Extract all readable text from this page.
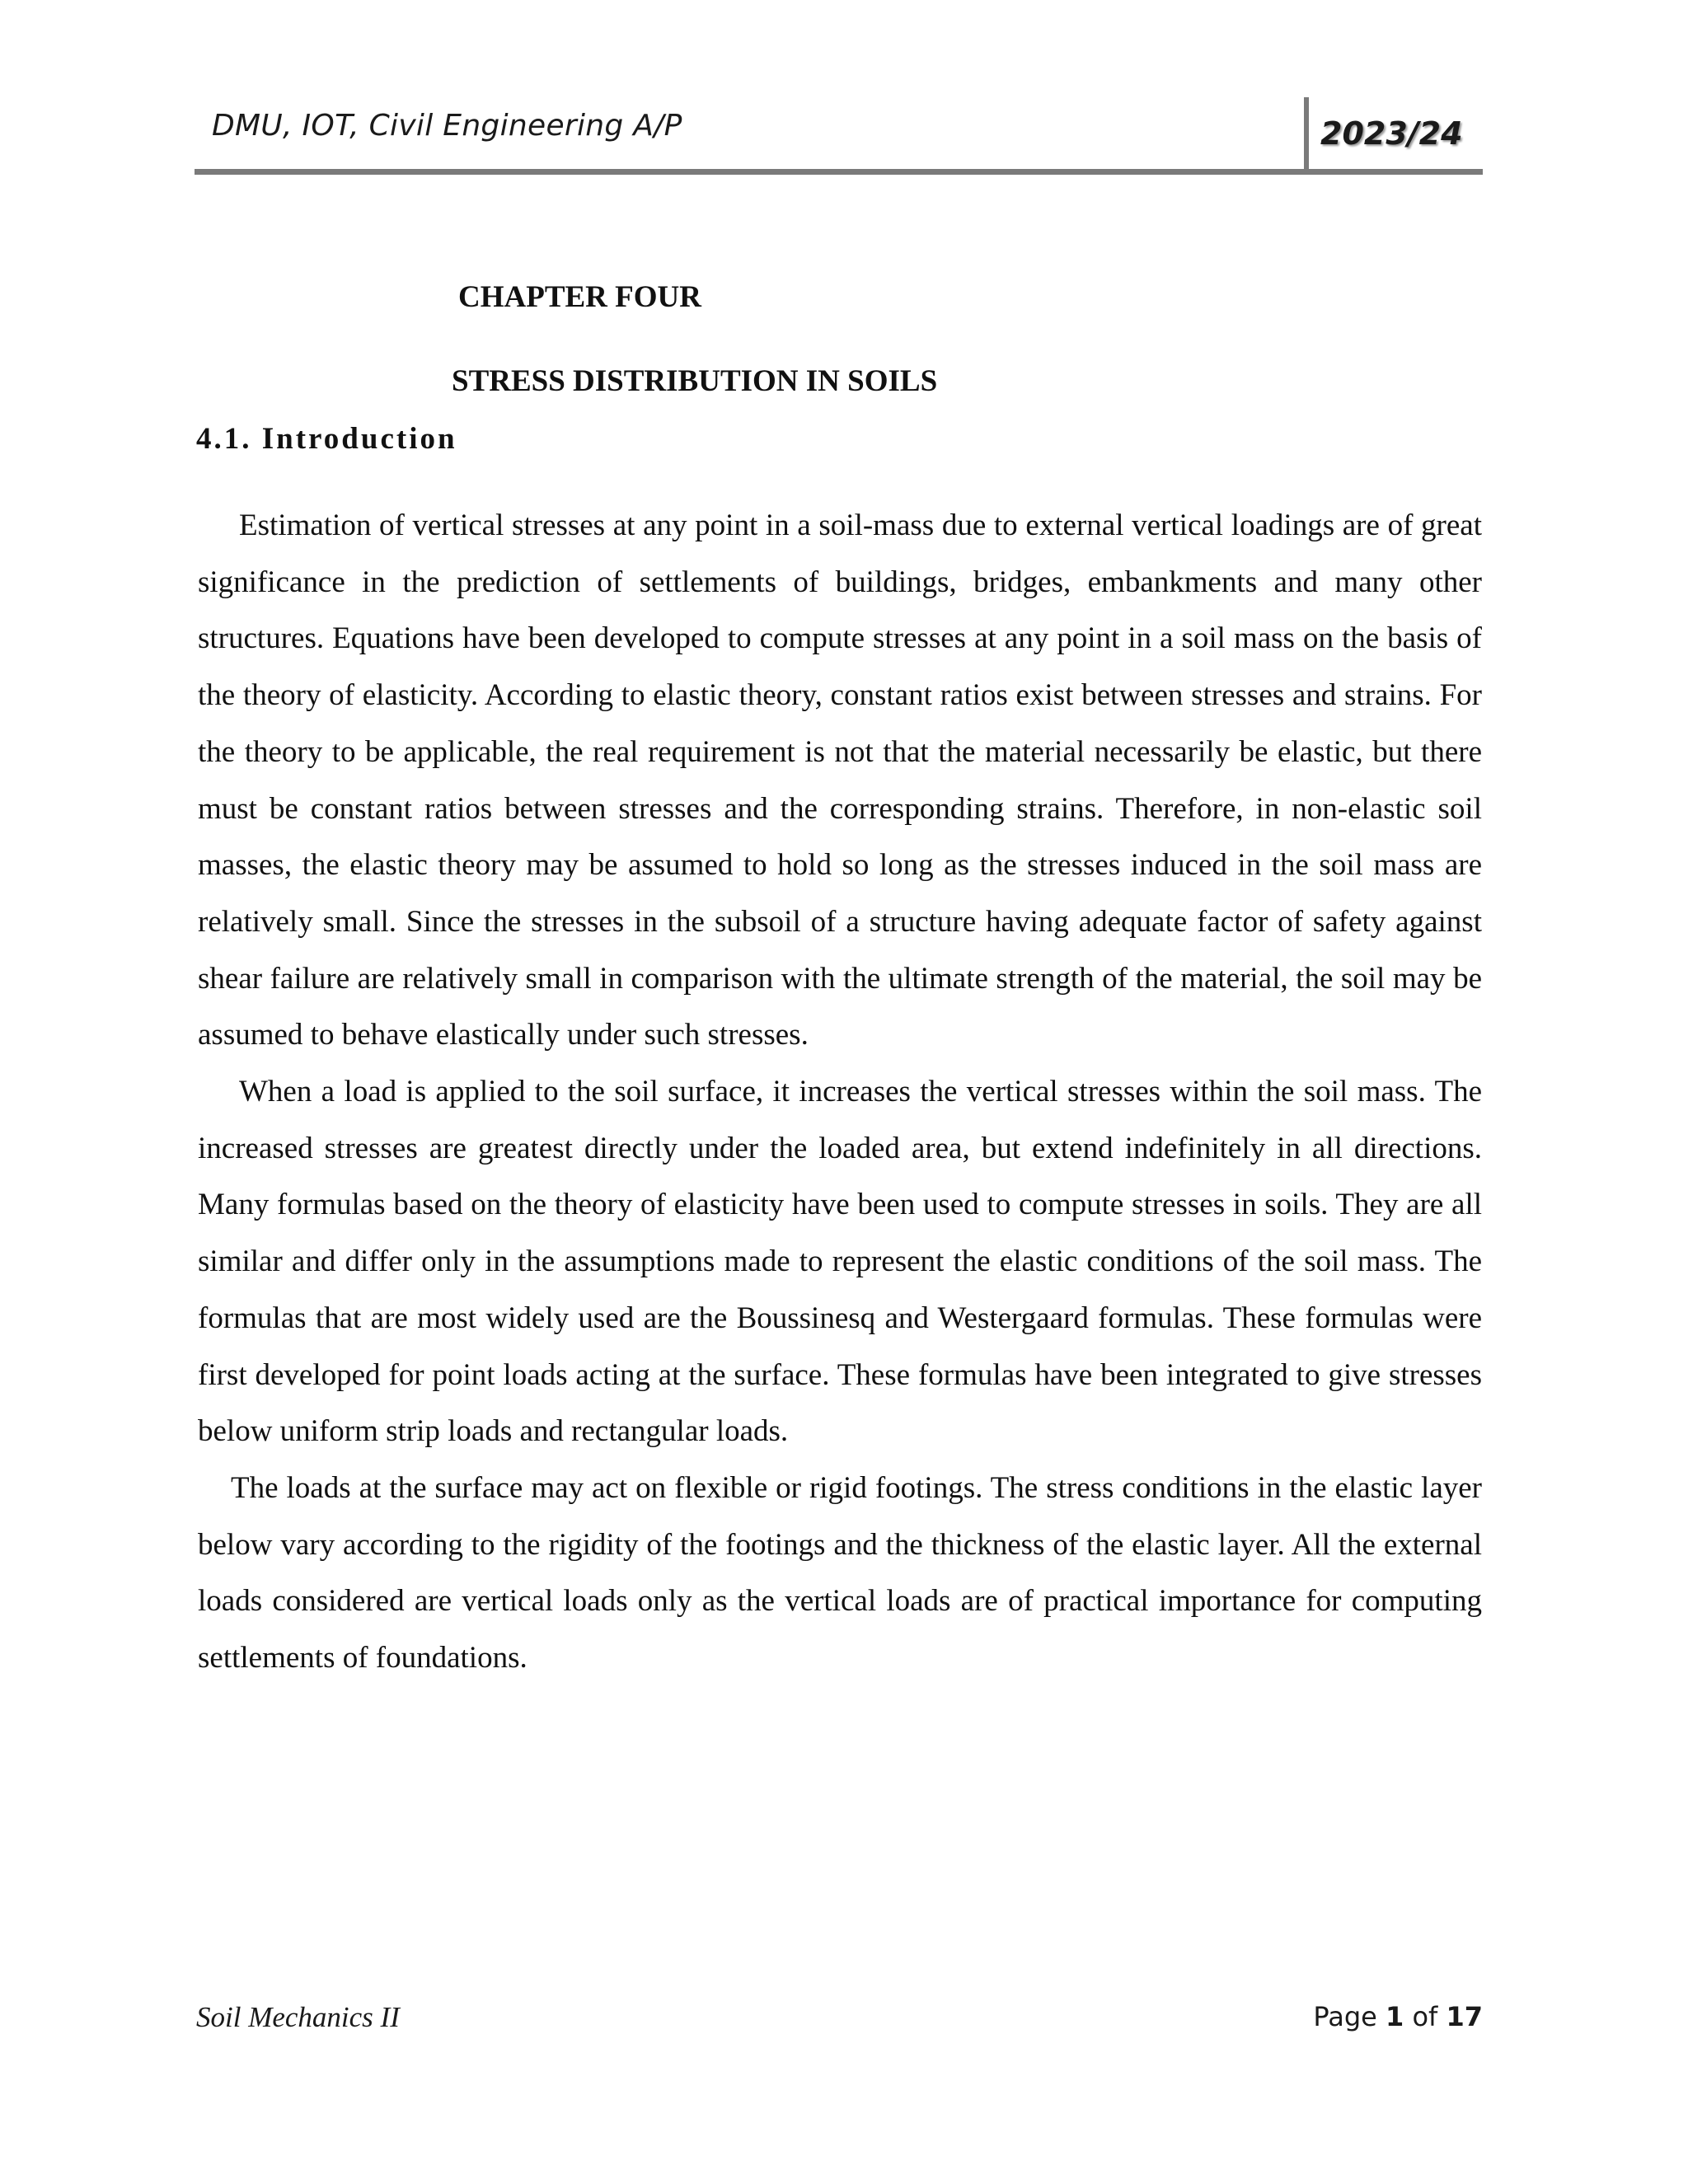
DMU, IOT, Civil Engineering A/P	2023/24
CHAPTER FOUR
STRESS DISTRIBUTION IN SOILS
4.1. Introduction

Estimation of vertical stresses at any point in a soil-mass due to external vertical loadings are of great significance in the prediction of settlements of buildings, bridges, embankments and many other structures. Equations have been developed to compute stresses at any point in a soil mass on the basis of the theory of elasticity. According to elastic theory, constant ratios exist between stresses and strains. For the theory to be applicable, the real requirement is not that the material necessarily be elastic, but there must be constant ratios between stresses and the corresponding strains. Therefore, in non-elastic soil masses, the elastic theory may be assumed to hold so long as the stresses induced in the soil mass are relatively small. Since the stresses in the subsoil of a structure having adequate factor of safety against shear failure are relatively small in comparison with the ultimate strength of the material, the soil may be assumed to behave elastically under such stresses.

When a load is applied to the soil surface, it increases the vertical stresses within the soil mass. The increased stresses are greatest directly under the loaded area, but extend indefinitely in all directions. Many formulas based on the theory of elasticity have been used to compute stresses in soils. They are all similar and differ only in the assumptions made to represent the elastic conditions of the soil mass. The formulas that are most widely used are the Boussinesq and Westergaard formulas. These formulas were first developed for point loads acting at the surface. These formulas have been integrated to give stresses below uniform strip loads and rectangular loads.

The loads at the surface may act on flexible or rigid footings. The stress conditions in the elastic layer below vary according to the rigidity of the footings and the thickness of the elastic layer. All the external loads considered are vertical loads only as the vertical loads are of practical importance for computing settlements of foundations.

Soil Mechanics II	Page 1 of 17
